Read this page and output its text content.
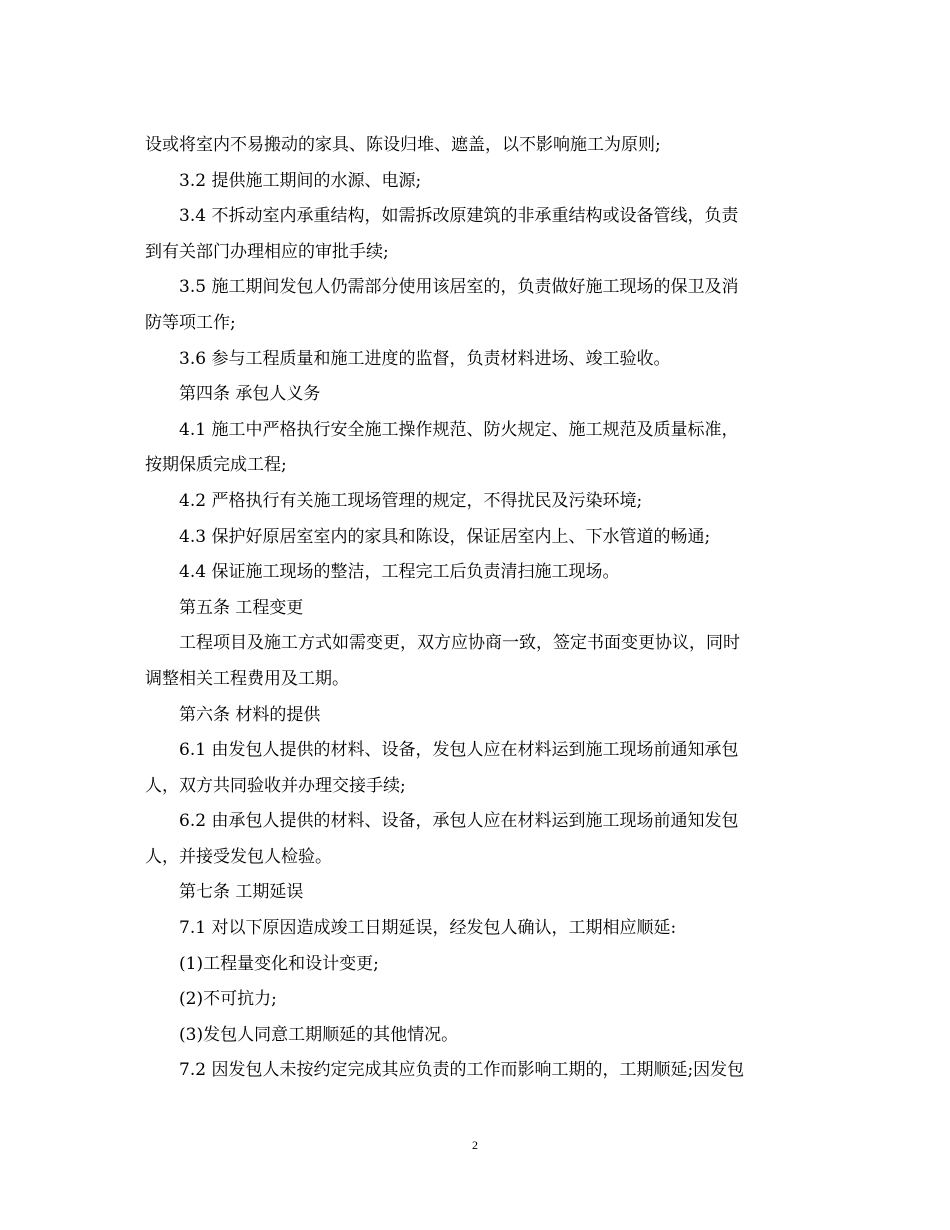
设或将室内不易搬动的家具、陈设归堆、遮盖，以不影响施工为原则;
3.2 提供施工期间的水源、电源;
3.4 不拆动室内承重结构，如需拆改原建筑的非承重结构或设备管线，负责
到有关部门办理相应的审批手续;
3.5 施工期间发包人仍需部分使用该居室的，负责做好施工现场的保卫及消
防等项工作;
3.6 参与工程质量和施工进度的监督，负责材料进场、竣工验收。
第四条 承包人义务
4.1 施工中严格执行安全施工操作规范、防火规定、施工规范及质量标准，
按期保质完成工程;
4.2 严格执行有关施工现场管理的规定，不得扰民及污染环境;
4.3 保护好原居室室内的家具和陈设，保证居室内上、下水管道的畅通;
4.4 保证施工现场的整洁，工程完工后负责清扫施工现场。
第五条 工程变更
工程项目及施工方式如需变更，双方应协商一致，签定书面变更协议，同时
调整相关工程费用及工期。
第六条 材料的提供
6.1 由发包人提供的材料、设备，发包人应在材料运到施工现场前通知承包
人，双方共同验收并办理交接手续;
6.2 由承包人提供的材料、设备，承包人应在材料运到施工现场前通知发包
人，并接受发包人检验。
第七条 工期延误
7.1 对以下原因造成竣工日期延误，经发包人确认，工期相应顺延:
(1)工程量变化和设计变更;
(2)不可抗力;
(3)发包人同意工期顺延的其他情况。
7.2 因发包人未按约定完成其应负责的工作而影响工期的，工期顺延;因发包
2
